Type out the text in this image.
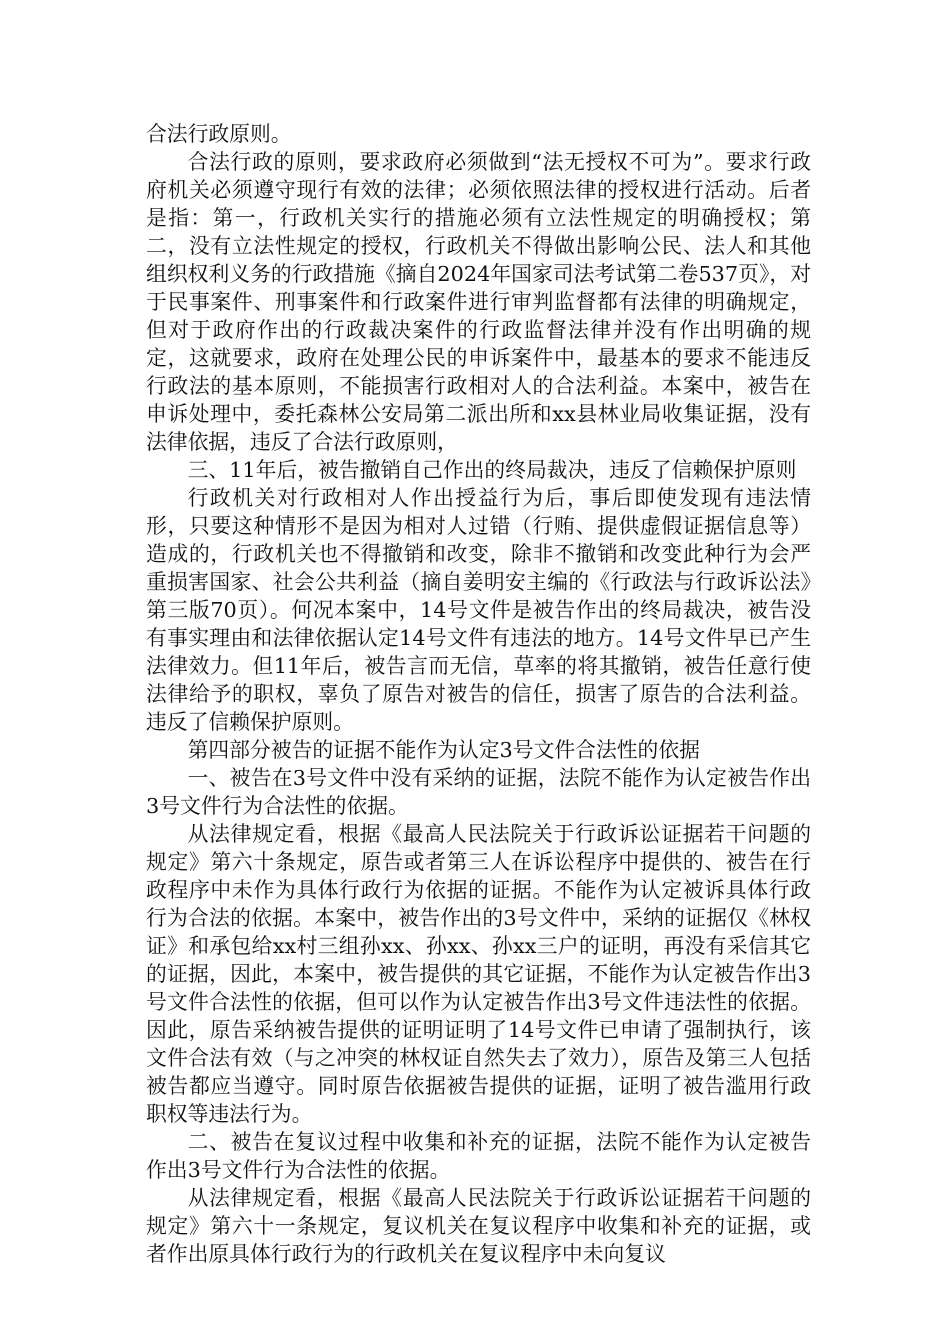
合法行政原则。

合法行政的原则，要求政府必须做到“法无授权不可为”。要求行政府机关必须遵守现行有效的法律；必须依照法律的授权进行活动。后者是指：第一，行政机关实行的措施必须有立法性规定的明确授权；第二，没有立法性规定的授权，行政机关不得做出影响公民、法人和其他组织权利义务的行政措施《摘自2024年国家司法考试第二卷537页》，对于民事案件、刑事案件和行政案件进行审判监督都有法律的明确规定，但对于政府作出的行政裁决案件的行政监督法律并没有作出明确的规定，这就要求，政府在处理公民的申诉案件中，最基本的要求不能违反行政法的基本原则，不能损害行政相对人的合法利益。本案中，被告在申诉处理中，委托森林公安局第二派出所和xx县林业局收集证据，没有法律依据，违反了合法行政原则，

三、11年后，被告撤销自己作出的终局裁决，违反了信赖保护原则

行政机关对行政相对人作出授益行为后，事后即使发现有违法情形，只要这种情形不是因为相对人过错（行贿、提供虚假证据信息等）造成的，行政机关也不得撤销和改变，除非不撤销和改变此种行为会严重损害国家、社会公共利益（摘自姜明安主编的《行政法与行政诉讼法》第三版70页）。何况本案中，14号文件是被告作出的终局裁决，被告没有事实理由和法律依据认定14号文件有违法的地方。14号文件早已产生法律效力。但11年后，被告言而无信，草率的将其撤销，被告任意行使法律给予的职权，辜负了原告对被告的信任，损害了原告的合法利益。违反了信赖保护原则。

第四部分被告的证据不能作为认定3号文件合法性的依据

一、被告在3号文件中没有采纳的证据，法院不能作为认定被告作出3号文件行为合法性的依据。

从法律规定看，根据《最高人民法院关于行政诉讼证据若干问题的规定》第六十条规定，原告或者第三人在诉讼程序中提供的、被告在行政程序中未作为具体行政行为依据的证据。不能作为认定被诉具体行政行为合法的依据。本案中，被告作出的3号文件中，采纳的证据仅《林权证》和承包给xx村三组孙xx、孙xx、孙xx三户的证明，再没有采信其它的证据，因此，本案中，被告提供的其它证据，不能作为认定被告作出3号文件合法性的依据，但可以作为认定被告作出3号文件违法性的依据。因此，原告采纳被告提供的证明证明了14号文件已申请了强制执行，该文件合法有效（与之冲突的林权证自然失去了效力），原告及第三人包括被告都应当遵守。同时原告依据被告提供的证据，证明了被告滥用行政职权等违法行为。

二、被告在复议过程中收集和补充的证据，法院不能作为认定被告作出3号文件行为合法性的依据。

从法律规定看，根据《最高人民法院关于行政诉讼证据若干问题的规定》第六十一条规定，复议机关在复议程序中收集和补充的证据，或者作出原具体行政行为的行政机关在复议程序中未向复议
